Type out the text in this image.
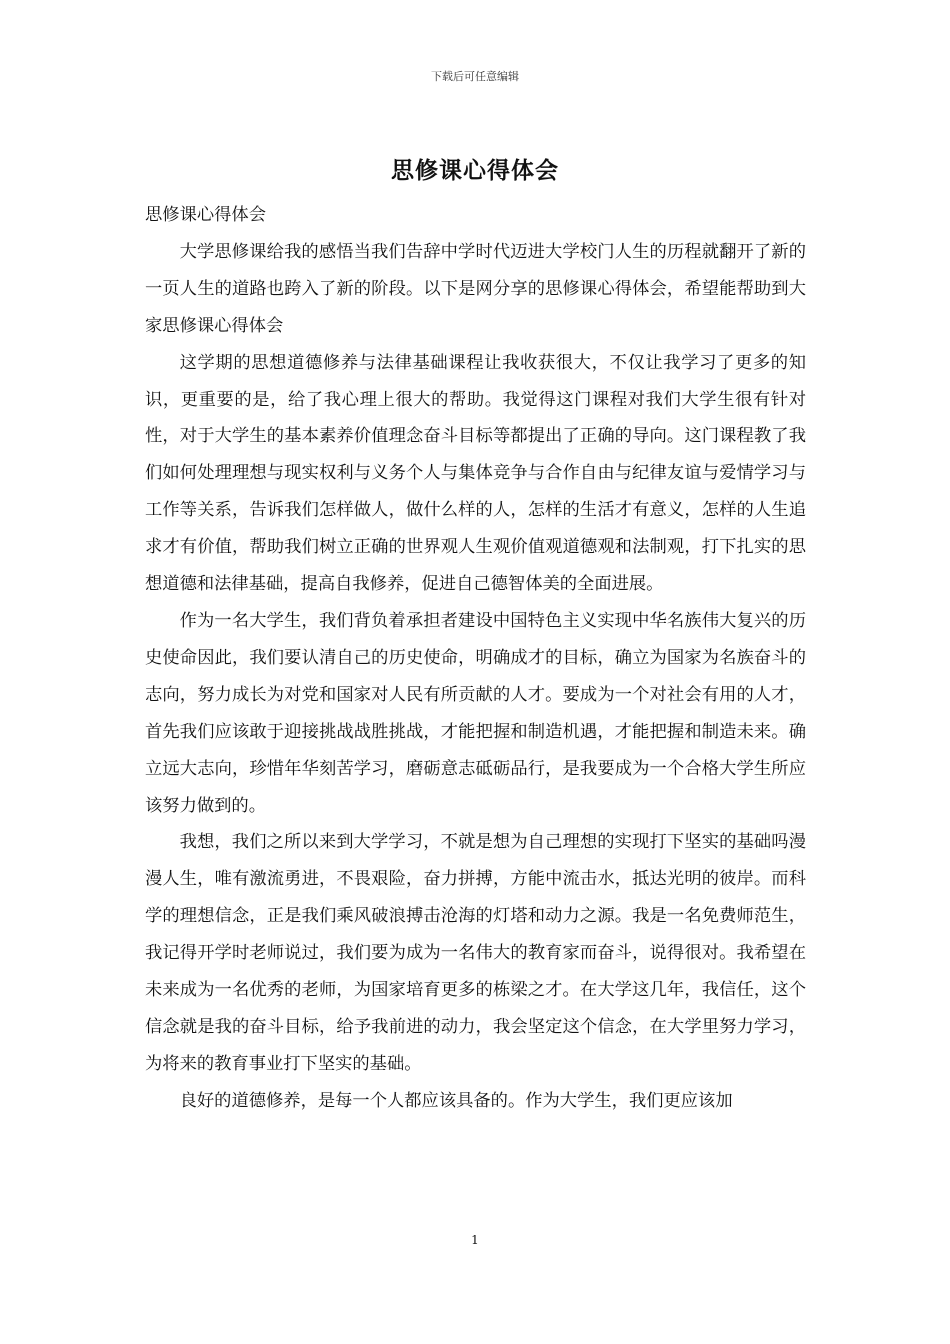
下载后可任意编辑
思修课心得体会

思修课心得体会

大学思修课给我的感悟当我们告辞中学时代迈进大学校门人生的历程就翻开了新的一页人生的道路也跨入了新的阶段。以下是网分享的思修课心得体会，希望能帮助到大家思修课心得体会

这学期的思想道德修养与法律基础课程让我收获很大，不仅让我学习了更多的知识，更重要的是，给了我心理上很大的帮助。我觉得这门课程对我们大学生很有针对性，对于大学生的基本素养价值理念奋斗目标等都提出了正确的导向。这门课程教了我们如何处理理想与现实权利与义务个人与集体竞争与合作自由与纪律友谊与爱情学习与工作等关系，告诉我们怎样做人，做什么样的人，怎样的生活才有意义，怎样的人生追求才有价值，帮助我们树立正确的世界观人生观价值观道德观和法制观，打下扎实的思想道德和法律基础，提高自我修养，促进自己德智体美的全面进展。

作为一名大学生，我们背负着承担者建设中国特色主义实现中华名族伟大复兴的历史使命因此，我们要认清自己的历史使命，明确成才的目标，确立为国家为名族奋斗的志向，努力成长为对党和国家对人民有所贡献的人才。要成为一个对社会有用的人才，首先我们应该敢于迎接挑战战胜挑战，才能把握和制造机遇，才能把握和制造未来。确立远大志向，珍惜年华刻苦学习，磨砺意志砥砺品行，是我要成为一个合格大学生所应该努力做到的。

我想，我们之所以来到大学学习，不就是想为自己理想的实现打下坚实的基础吗漫漫人生，唯有激流勇进，不畏艰险，奋力拼搏，方能中流击水，抵达光明的彼岸。而科学的理想信念，正是我们乘风破浪搏击沧海的灯塔和动力之源。我是一名免费师范生，我记得开学时老师说过，我们要为成为一名伟大的教育家而奋斗，说得很对。我希望在未来成为一名优秀的老师，为国家培育更多的栋梁之才。在大学这几年，我信任，这个信念就是我的奋斗目标，给予我前进的动力，我会坚定这个信念，在大学里努力学习，为将来的教育事业打下坚实的基础。

良好的道德修养，是每一个人都应该具备的。作为大学生，我们更应该加

1
